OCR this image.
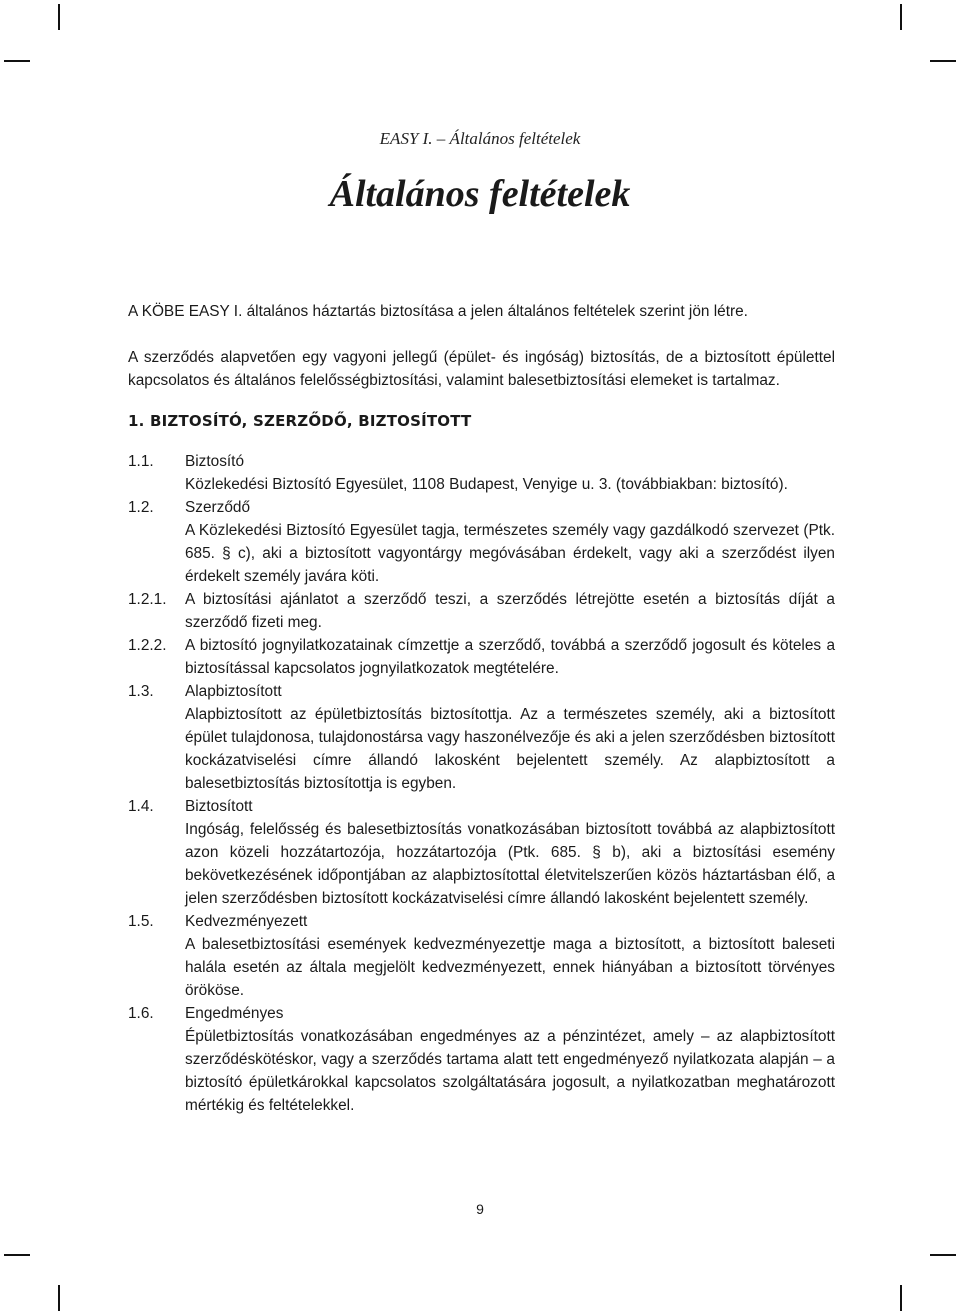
EASY I. – Általános feltételek
Általános feltételek

A KÖBE EASY I. általános háztartás biztosítása a jelen általános feltételek szerint jön létre.

A szerződés alapvetően egy vagyoni jellegű (épület- és ingóság) biztosítás, de a biztosított épülettel kapcsolatos és általános felelősségbiztosítási, valamint balesetbiztosítási elemeket is tartalmaz.

1. BIZTOSÍTÓ, SZERZŐDŐ, BIZTOSÍTOTT
1.1.	Biztosító

Közlekedési Biztosító Egyesület, 1108 Budapest, Venyige u. 3. (továbbiakban: biztosító).

1.2.	Szerződő

A Közlekedési Biztosító Egyesület tagja, természetes személy vagy gazdálkodó szervezet (Ptk. 685. § c), aki a biztosított vagyontárgy megóvásában érdekelt, vagy aki a szerződést ilyen érdekelt személy javára köti.

1.2.1.	A biztosítási ajánlatot a szerződő teszi, a szerződés létrejötte esetén a biztosítás díját a szerződő fizeti meg.

1.2.2.	A biztosító jognyilatkozatainak címzettje a szerződő, továbbá a szerződő jogosult és köteles a biztosítással kapcsolatos jognyilatkozatok megtételére.

1.3.	Alapbiztosított

Alapbiztosított az épületbiztosítás biztosítottja. Az a természetes személy, aki a biztosított épület tulajdonosa, tulajdonostársa vagy haszonélvezője és aki a jelen szerződésben biztosított kockázatviselési címre állandó lakosként bejelentett személy. Az alapbiztosított a balesetbiztosítás biztosítottja is egyben.

1.4.	Biztosított

Ingóság, felelősség és balesetbiztosítás vonatkozásában biztosított továbbá az alapbiztosított azon közeli hozzátartozója, hozzátartozója (Ptk. 685. § b), aki a biztosítási esemény bekövetkezésének időpontjában az alapbiztosítottal életvitelszerűen közös háztartásban élő, a jelen szerződésben biztosított kockázatviselési címre állandó lakosként bejelentett személy.

1.5.	Kedvezményezett

A balesetbiztosítási események kedvezményezettje maga a biztosított, a biztosított baleseti halála esetén az általa megjelölt kedvezményezett, ennek hiányában a biztosított törvényes örököse.

1.6.	Engedményes

Épületbiztosítás vonatkozásában engedményes az a pénzintézet, amely – az alapbiztosított szerződéskötéskor, vagy a szerződés tartama alatt tett engedményező nyilatkozata alapján – a biztosító épületkárokkal kapcsolatos szolgáltatására jogosult, a nyilatkozatban meghatározott mértékig és feltételekkel.

9
